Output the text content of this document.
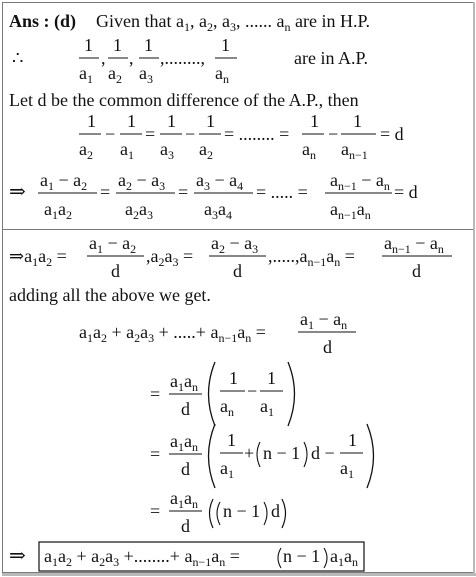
Ans : (d) Given that $a_1$, $a_2$, $a_3$, ...... $a_n$ are in H.P.
∴
1
$a_1$
,
1
$a_2$
,
1
$a_3$
,........,
1
$a_n$
are in A.P.
Let d be the common difference of the A.P., then
1
$a_2$
−
1
$a_1$
=
1
$a_3$
−
1
$a_2$
= ........ =
1
$a_n$
−
1
$a_{n-1}$
= d
⇒
$a_1 - a_2$
$a_1a_2$
=
$a_2 - a_3$
$a_2a_3$
=
$a_3 - a_4$
$a_3a_4$
= ..... =
$a_{n-1} - a_n$
$a_{n-1}a_n$
= d
$\Rightarrow a_1a_2$ =
$a_1 - a_2$
d
$,a_2a_3$ =
$a_2 - a_3$
d
$,.....,a_{n-1}a_n$ =
$a_{n-1} - a_n$
d
adding all the above we get.
$a_1a_2 + a_2a_3$ + .....+ $a_{n-1}a_n$ =
$a_1 - a_n$
d
=
$a_1a_n$
d
1
$a_n$
−
1
$a_1$
=
$a_1a_n$
d
1
$a_1$
+ n − 1 d −
1
$a_1$
=
$a_1a_n$
d
n − 1 d
⇒ $a_1a_2 + a_2a_3$ +........+ $a_{n-1}a_n = n - 1$ $a_1a_n$
